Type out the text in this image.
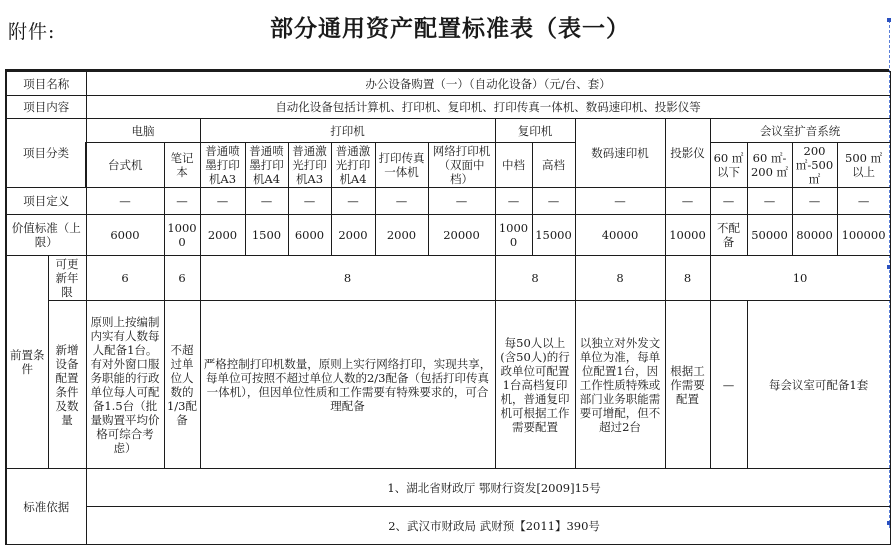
附件:	部分通用资产配置标准表（表一）
项目名称		办公设备购置（一）（自动化设备）（元/台、套）															
项目内容		自动化设备包括计算机、打印机、复印机、打印传真一体机、数码速印机、投影仪等															
项目分类		电脑		打印机						复印机		数码速印机	投影仪	会议室扩音系统			
		台式机	笔记本	普通喷墨打印机A3	普通喷墨打印机A4	普通激光打印机A3	普通激光打印机A4	打印传真一体机	网络打印机（双面中档）	中档	高档			60 ㎡以下	60 ㎡-200 ㎡	200 ㎡-500 ㎡	500 ㎡以上
项目定义		—	—	—	—	—	—	—	—	—	—	—	—	—	—	—	—
价值标准（上限）		6000	10000	2000	1500	6000	2000	2000	20000	10000	15000	40000	10000	不配备	50000	80000	100000
前置条件	可更新年限	6	6	8						8		8	8	10			
	新增设备配置条件及数量	原则上按编制内实有人数每人配备1台。有对外窗口服务职能的行政单位每人可配备1.5台（批量购置平均价格可综合考虑）	不超过单位人数的1/3配备	严格控制打印机数量，原则上实行网络打印，实现共享，每单位可按照不超过单位人数的2/3配备（包括打印传真一体机），但因单位性质和工作需要有特殊要求的，可合理配备						每50人以上(含50人)的行政单位可配置1台高档复印机，普通复印机可根据工作需要配置		以独立对外发文单位为准，每单位配置1台，因工作性质特殊或部门业务职能需要可增配，但不超过2台	根据工作需要配置	—	每会议室可配备1套		
标准依据		1、湖北省财政厅 鄂财行资发[2009]15号															
		2、武汉市财政局 武财预【2011】390号															
